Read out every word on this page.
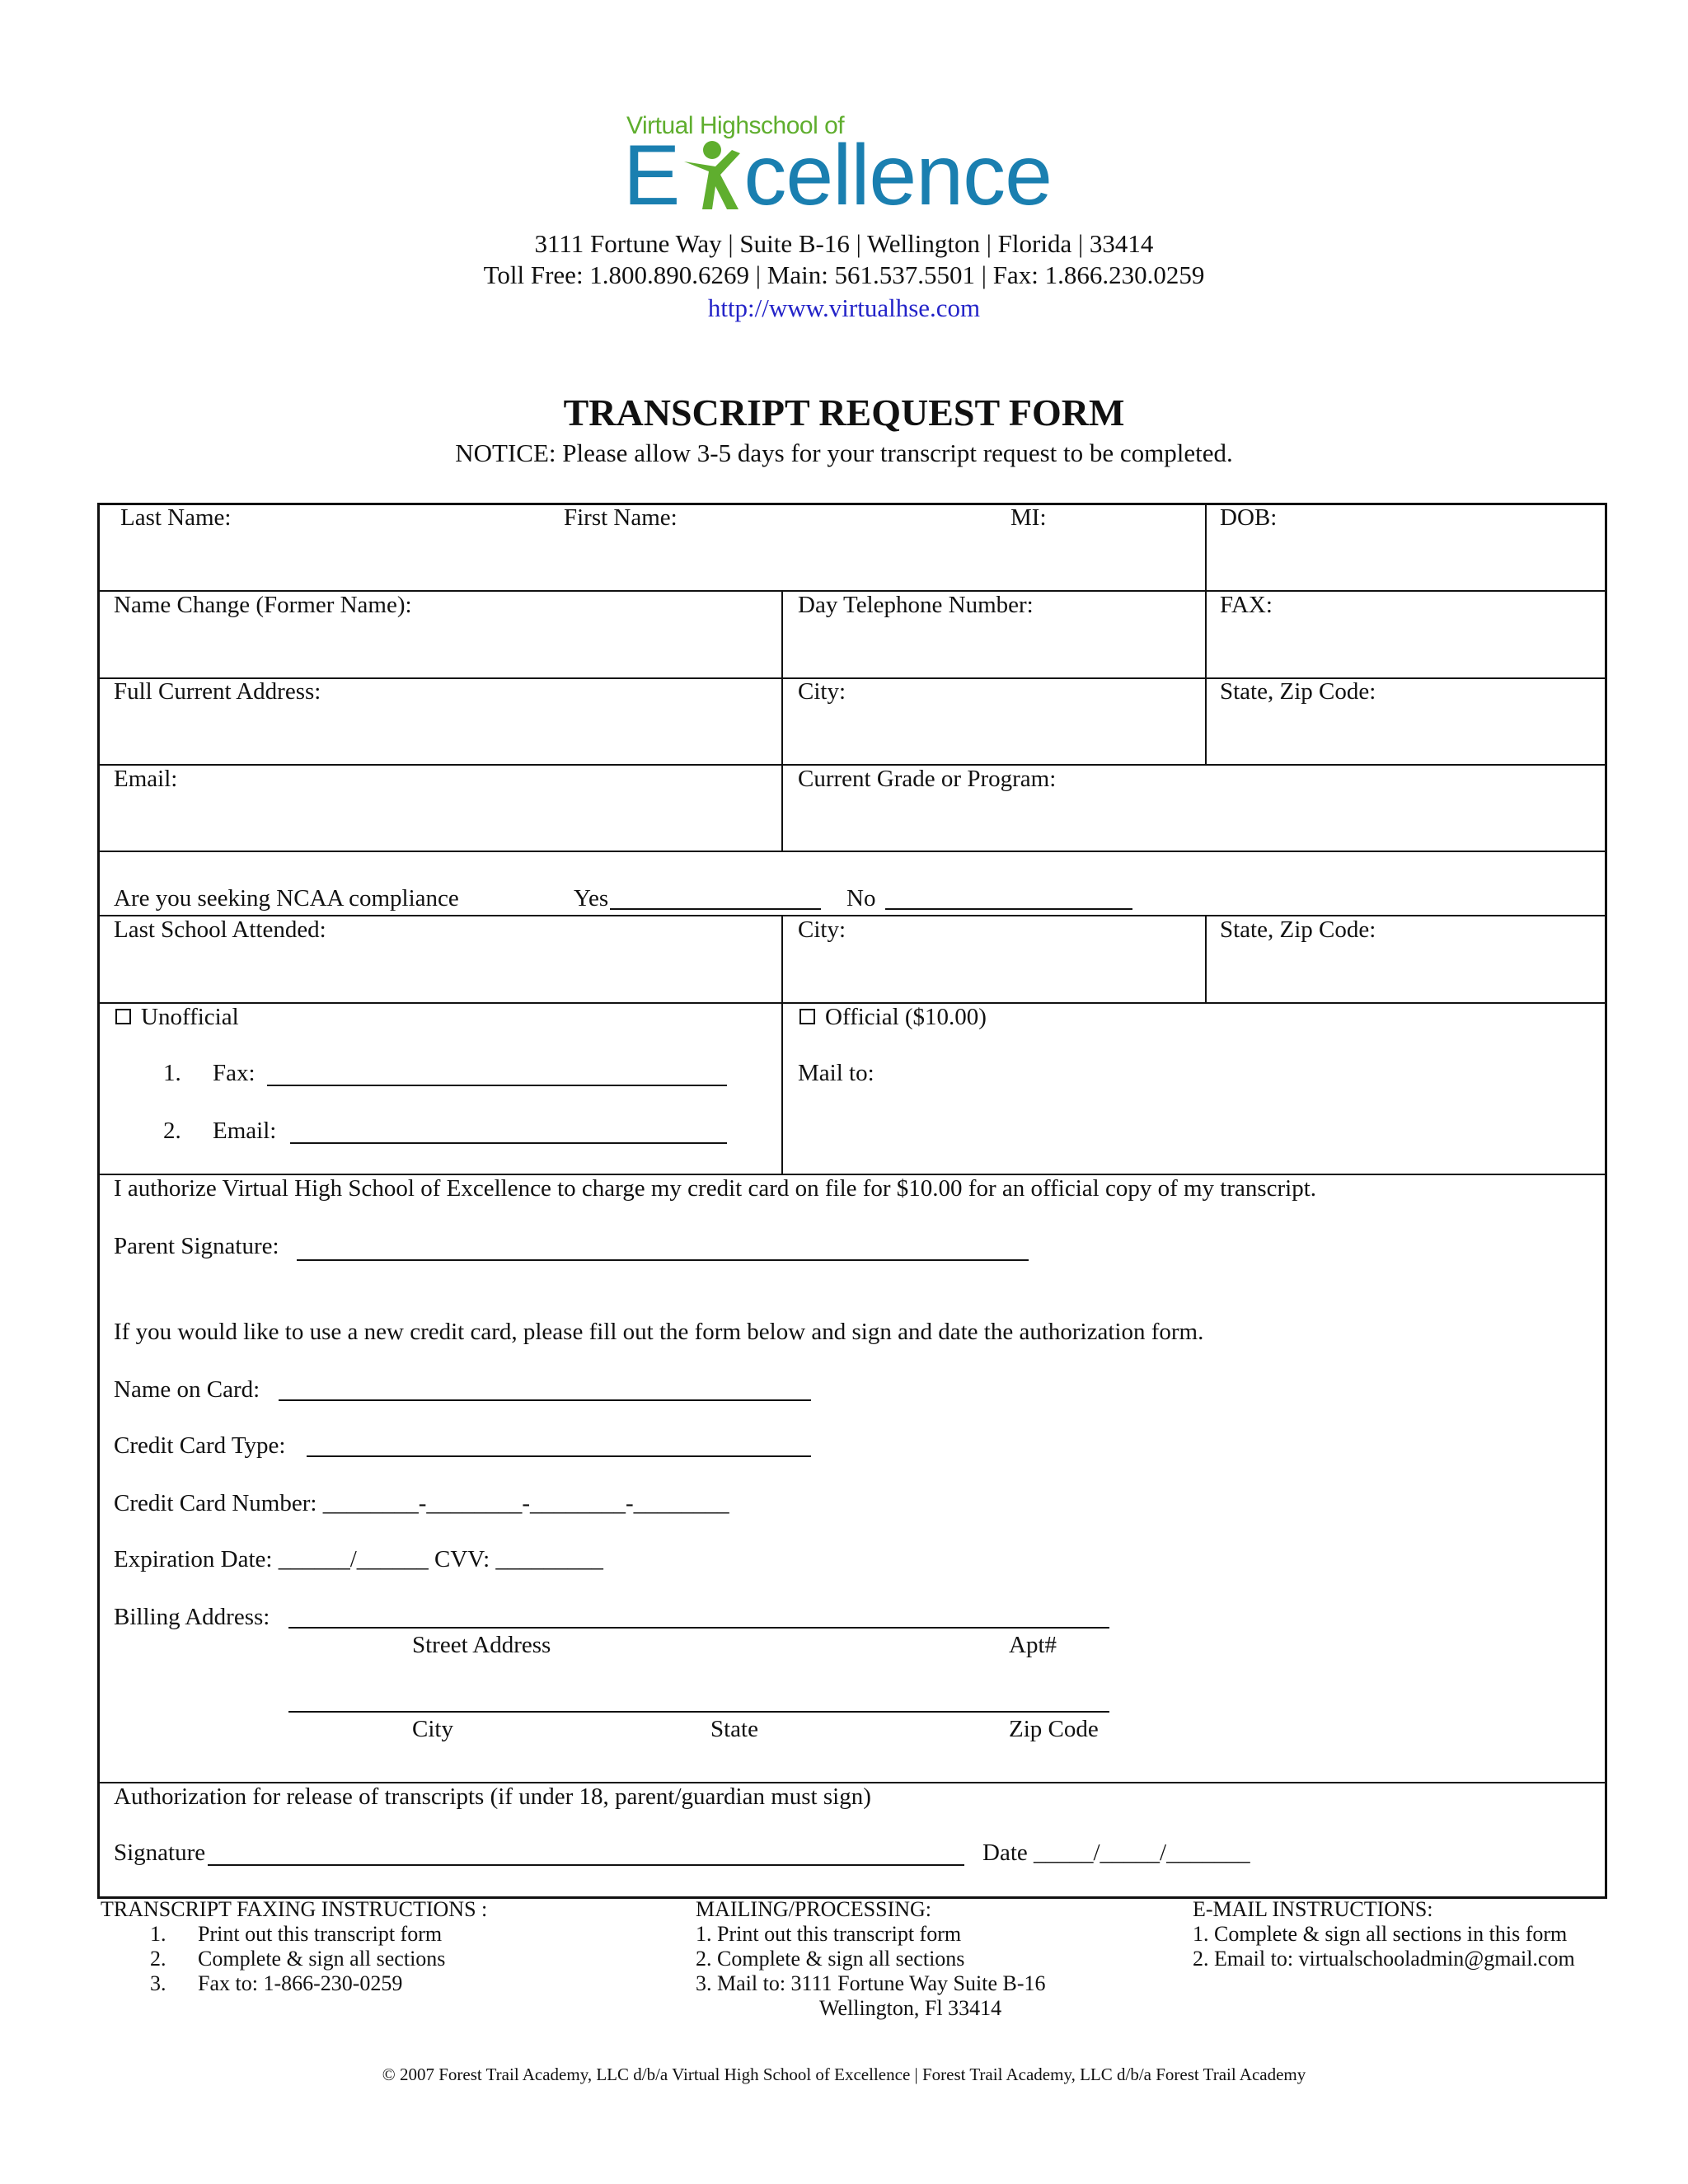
Virtual Highschool of
E cellence
3111 Fortune Way | Suite B-16 | Wellington | Florida | 33414
Toll Free: 1.800.890.6269 | Main: 561.537.5501 | Fax: 1.866.230.0259
http://www.virtualhse.com
TRANSCRIPT REQUEST FORM
NOTICE: Please allow 3-5 days for your transcript request to be completed.
Last Name:	First Name:	MI:	DOB:
Name Change (Former Name):	Day Telephone Number:	FAX:
Full Current Address:	City:	State, Zip Code:
Email:	Current Grade or Program:
Are you seeking NCAA compliance	Yes	No
Last School Attended:	City:	State, Zip Code:
Unofficial
1. Fax:
2. Email:
Official ($10.00)
Mail to:
I authorize Virtual High School of Excellence to charge my credit card on file for $10.00 for an official copy of my transcript.
Parent Signature:
If you would like to use a new credit card, please fill out the form below and sign and date the authorization form.
Name on Card:
Credit Card Type:
Credit Card Number: ________-________-________-________
Expiration Date: ______/______ CVV: _________
Billing Address:
Street Address	Apt#
City	State	Zip Code
Authorization for release of transcripts (if under 18, parent/guardian must sign)
Signature	Date _____/_____/_______
TRANSCRIPT FAXING INSTRUCTIONS :
1. Print out this transcript form
2. Complete & sign all sections
3. Fax to: 1-866-230-0259
MAILING/PROCESSING:
1. Print out this transcript form
2. Complete & sign all sections
3. Mail to: 3111 Fortune Way Suite B-16
Wellington, Fl 33414
E-MAIL INSTRUCTIONS:
1. Complete & sign all sections in this form
2. Email to: virtualschooladmin@gmail.com
© 2007 Forest Trail Academy, LLC d/b/a Virtual High School of Excellence | Forest Trail Academy, LLC d/b/a Forest Trail Academy
